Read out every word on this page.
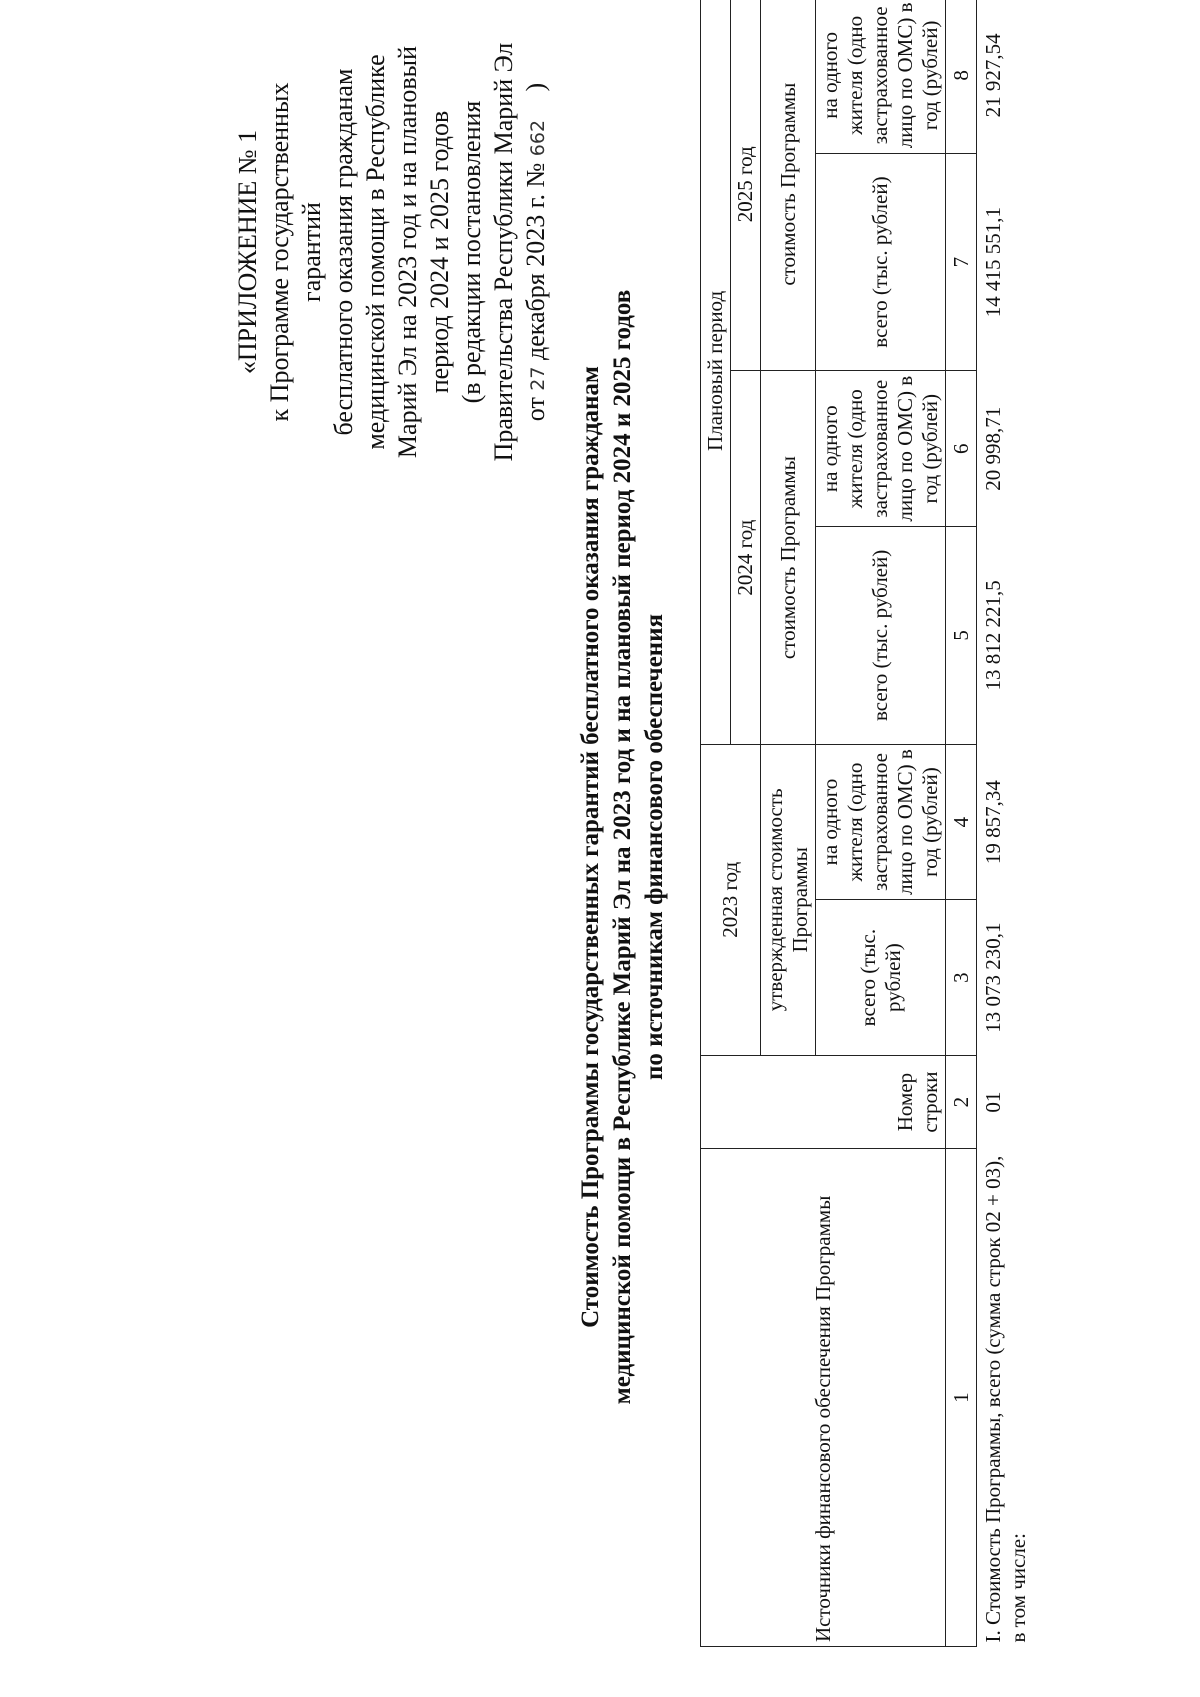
«ПРИЛОЖЕНИЕ № 1 к Программе государственных гарантий бесплатного оказания гражданам медицинской помощи в Республике Марий Эл на 2023 год и на плановый период 2024 и 2025 годов (в редакции постановления Правительства Республики Марий Эл от 27 декабря 2023 г. № 662 )
Стоимость Программы государственных гарантий бесплатного оказания гражданам медицинской помощи в Республике Марий Эл на 2023 год и на плановый период 2024 и 2025 годов по источникам финансового обеспечения
Источники финансового обеспечения Программы	Номер строки	2023 год		Плановый период			
				2024 год		2025 год	
		утвержденная стоимость Программы		стоимость Программы		стоимость Программы	
		всего (тыс. рублей)	на одного жителя (одно застрахованное лицо по ОМС) в год (рублей)	всего (тыс. рублей)	на одного жителя (одно застрахованное лицо по ОМС) в год (рублей)	всего (тыс. рублей)	на одного жителя (одно застрахованное лицо по ОМС) в год (рублей)
1	2	3	4	5	6	7	8
I. Стоимость Программы, всего (сумма строк 02 + 03), в том числе:	01	13 073 230,1	19 857,34	13 812 221,5	20 998,71	14 415 551,1	21 927,54
